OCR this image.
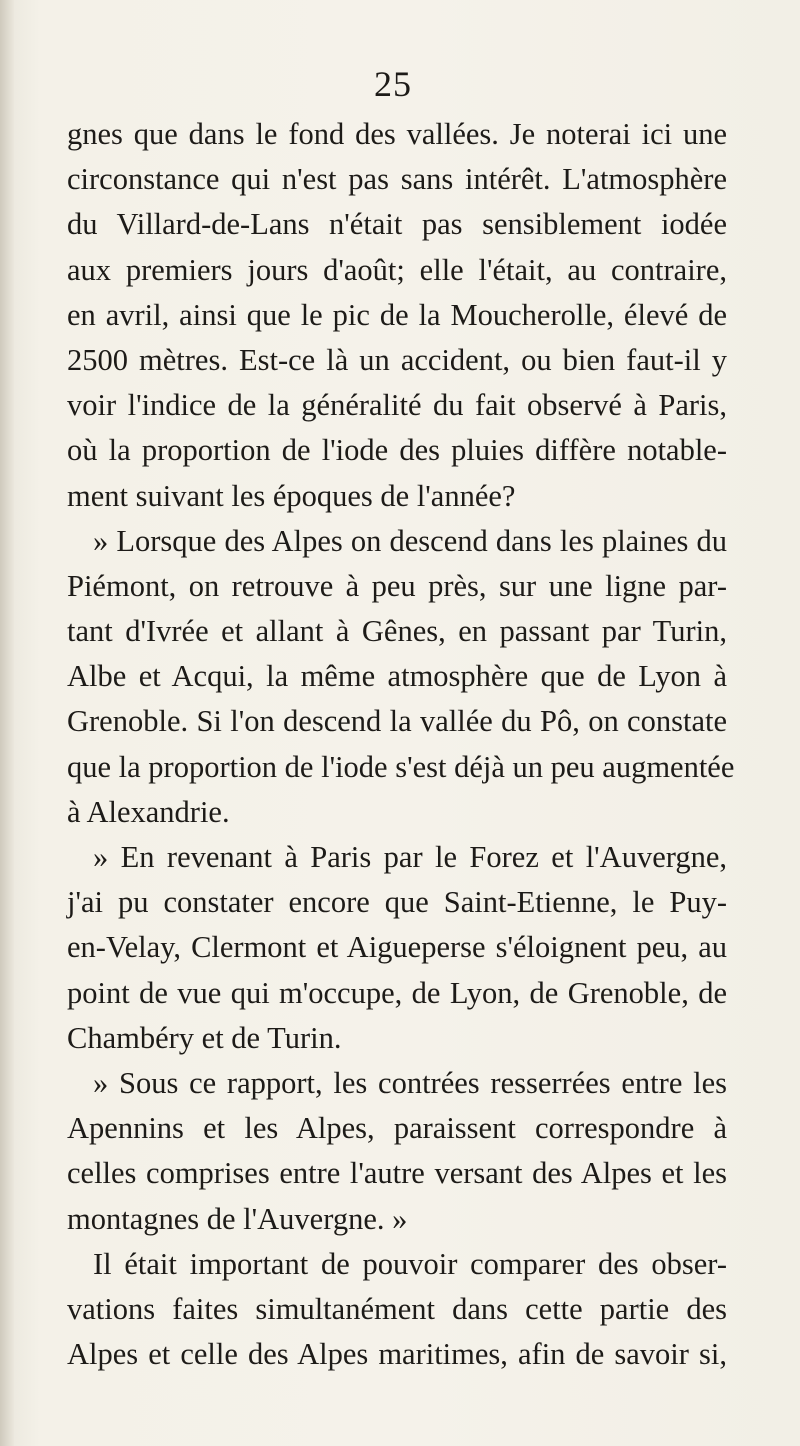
25
gnes que dans le fond des vallées. Je noterai ici une
circonstance qui n'est pas sans intérêt. L'atmosphère
du Villard-de-Lans n'était pas sensiblement iodée
aux premiers jours d'août; elle l'était, au contraire,
en avril, ainsi que le pic de la Moucherolle, élevé de
2500 mètres. Est-ce là un accident, ou bien faut-il y
voir l'indice de la généralité du fait observé à Paris,
où la proportion de l'iode des pluies diffère notable-
ment suivant les époques de l'année?
» Lorsque des Alpes on descend dans les plaines du
Piémont, on retrouve à peu près, sur une ligne par-
tant d'Ivrée et allant à Gênes, en passant par Turin,
Albe et Acqui, la même atmosphère que de Lyon à
Grenoble. Si l'on descend la vallée du Pô, on constate
que la proportion de l'iode s'est déjà un peu augmentée
à Alexandrie.
» En revenant à Paris par le Forez et l'Auvergne,
j'ai pu constater encore que Saint-Etienne, le Puy-
en-Velay, Clermont et Aigueperse s'éloignent peu, au
point de vue qui m'occupe, de Lyon, de Grenoble, de
Chambéry et de Turin.
» Sous ce rapport, les contrées resserrées entre les
Apennins et les Alpes, paraissent correspondre à
celles comprises entre l'autre versant des Alpes et les
montagnes de l'Auvergne. »
Il était important de pouvoir comparer des obser-
vations faites simultanément dans cette partie des
Alpes et celle des Alpes maritimes, afin de savoir si,
